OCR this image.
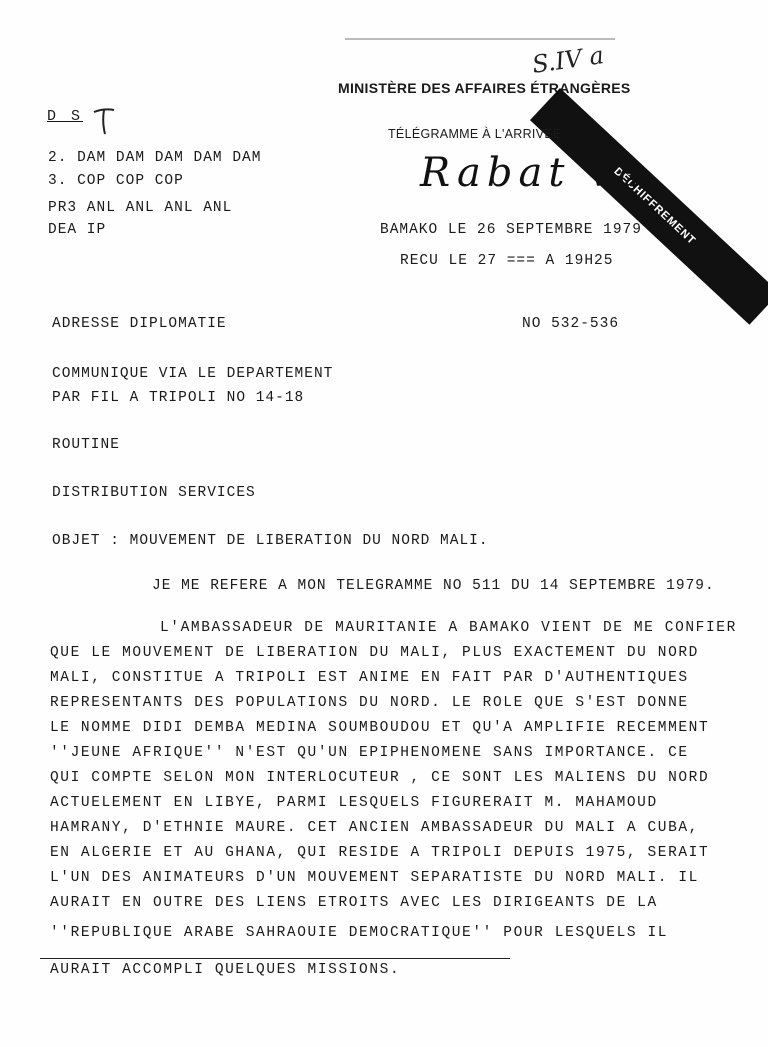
S.IV a
MINISTÈRE DES AFFAIRES ÉTRANGÈRES
DÉCHIFFREMENT
D S
2. DAM DAM DAM DAM DAM
3. COP COP COP
PR3 ANL ANL ANL ANL
DEA IP
TÉLÉGRAMME À L'ARRIVÉE
Rabat va
BAMAKO LE 26 SEPTEMBRE 1979
RECU LE 27 === A 19H25
ADRESSE DIPLOMATIE	NO 532-536
COMMUNIQUE VIA LE DEPARTEMENT
PAR FIL A TRIPOLI NO 14-18
ROUTINE
DISTRIBUTION SERVICES
OBJET : MOUVEMENT DE LIBERATION DU NORD MALI.
JE ME REFERE A MON TELEGRAMME NO 511 DU 14 SEPTEMBRE 1979.
L'AMBASSADEUR DE MAURITANIE A BAMAKO VIENT DE ME CONFIER
QUE LE MOUVEMENT DE LIBERATION DU MALI, PLUS EXACTEMENT DU NORD
MALI, CONSTITUE A TRIPOLI EST ANIME EN FAIT PAR D'AUTHENTIQUES
REPRESENTANTS DES POPULATIONS DU NORD. LE ROLE QUE S'EST DONNE
LE NOMME DIDI DEMBA MEDINA SOUMBOUDOU ET QU'A AMPLIFIE RECEMMENT
''JEUNE AFRIQUE'' N'EST QU'UN EPIPHENOMENE SANS IMPORTANCE. CE
QUI COMPTE SELON MON INTERLOCUTEUR , CE SONT LES MALIENS DU NORD
ACTUELEMENT EN LIBYE, PARMI LESQUELS FIGURERAIT M. MAHAMOUD
HAMRANY, D'ETHNIE MAURE. CET ANCIEN AMBASSADEUR DU MALI A CUBA,
EN ALGERIE ET AU GHANA, QUI RESIDE A TRIPOLI DEPUIS 1975, SERAIT
L'UN DES ANIMATEURS D'UN MOUVEMENT SEPARATISTE DU NORD MALI. IL
AURAIT EN OUTRE DES LIENS ETROITS AVEC LES DIRIGEANTS DE LA
''REPUBLIQUE ARABE SAHRAOUIE DEMOCRATIQUE'' POUR LESQUELS IL
AURAIT ACCOMPLI QUELQUES MISSIONS.
